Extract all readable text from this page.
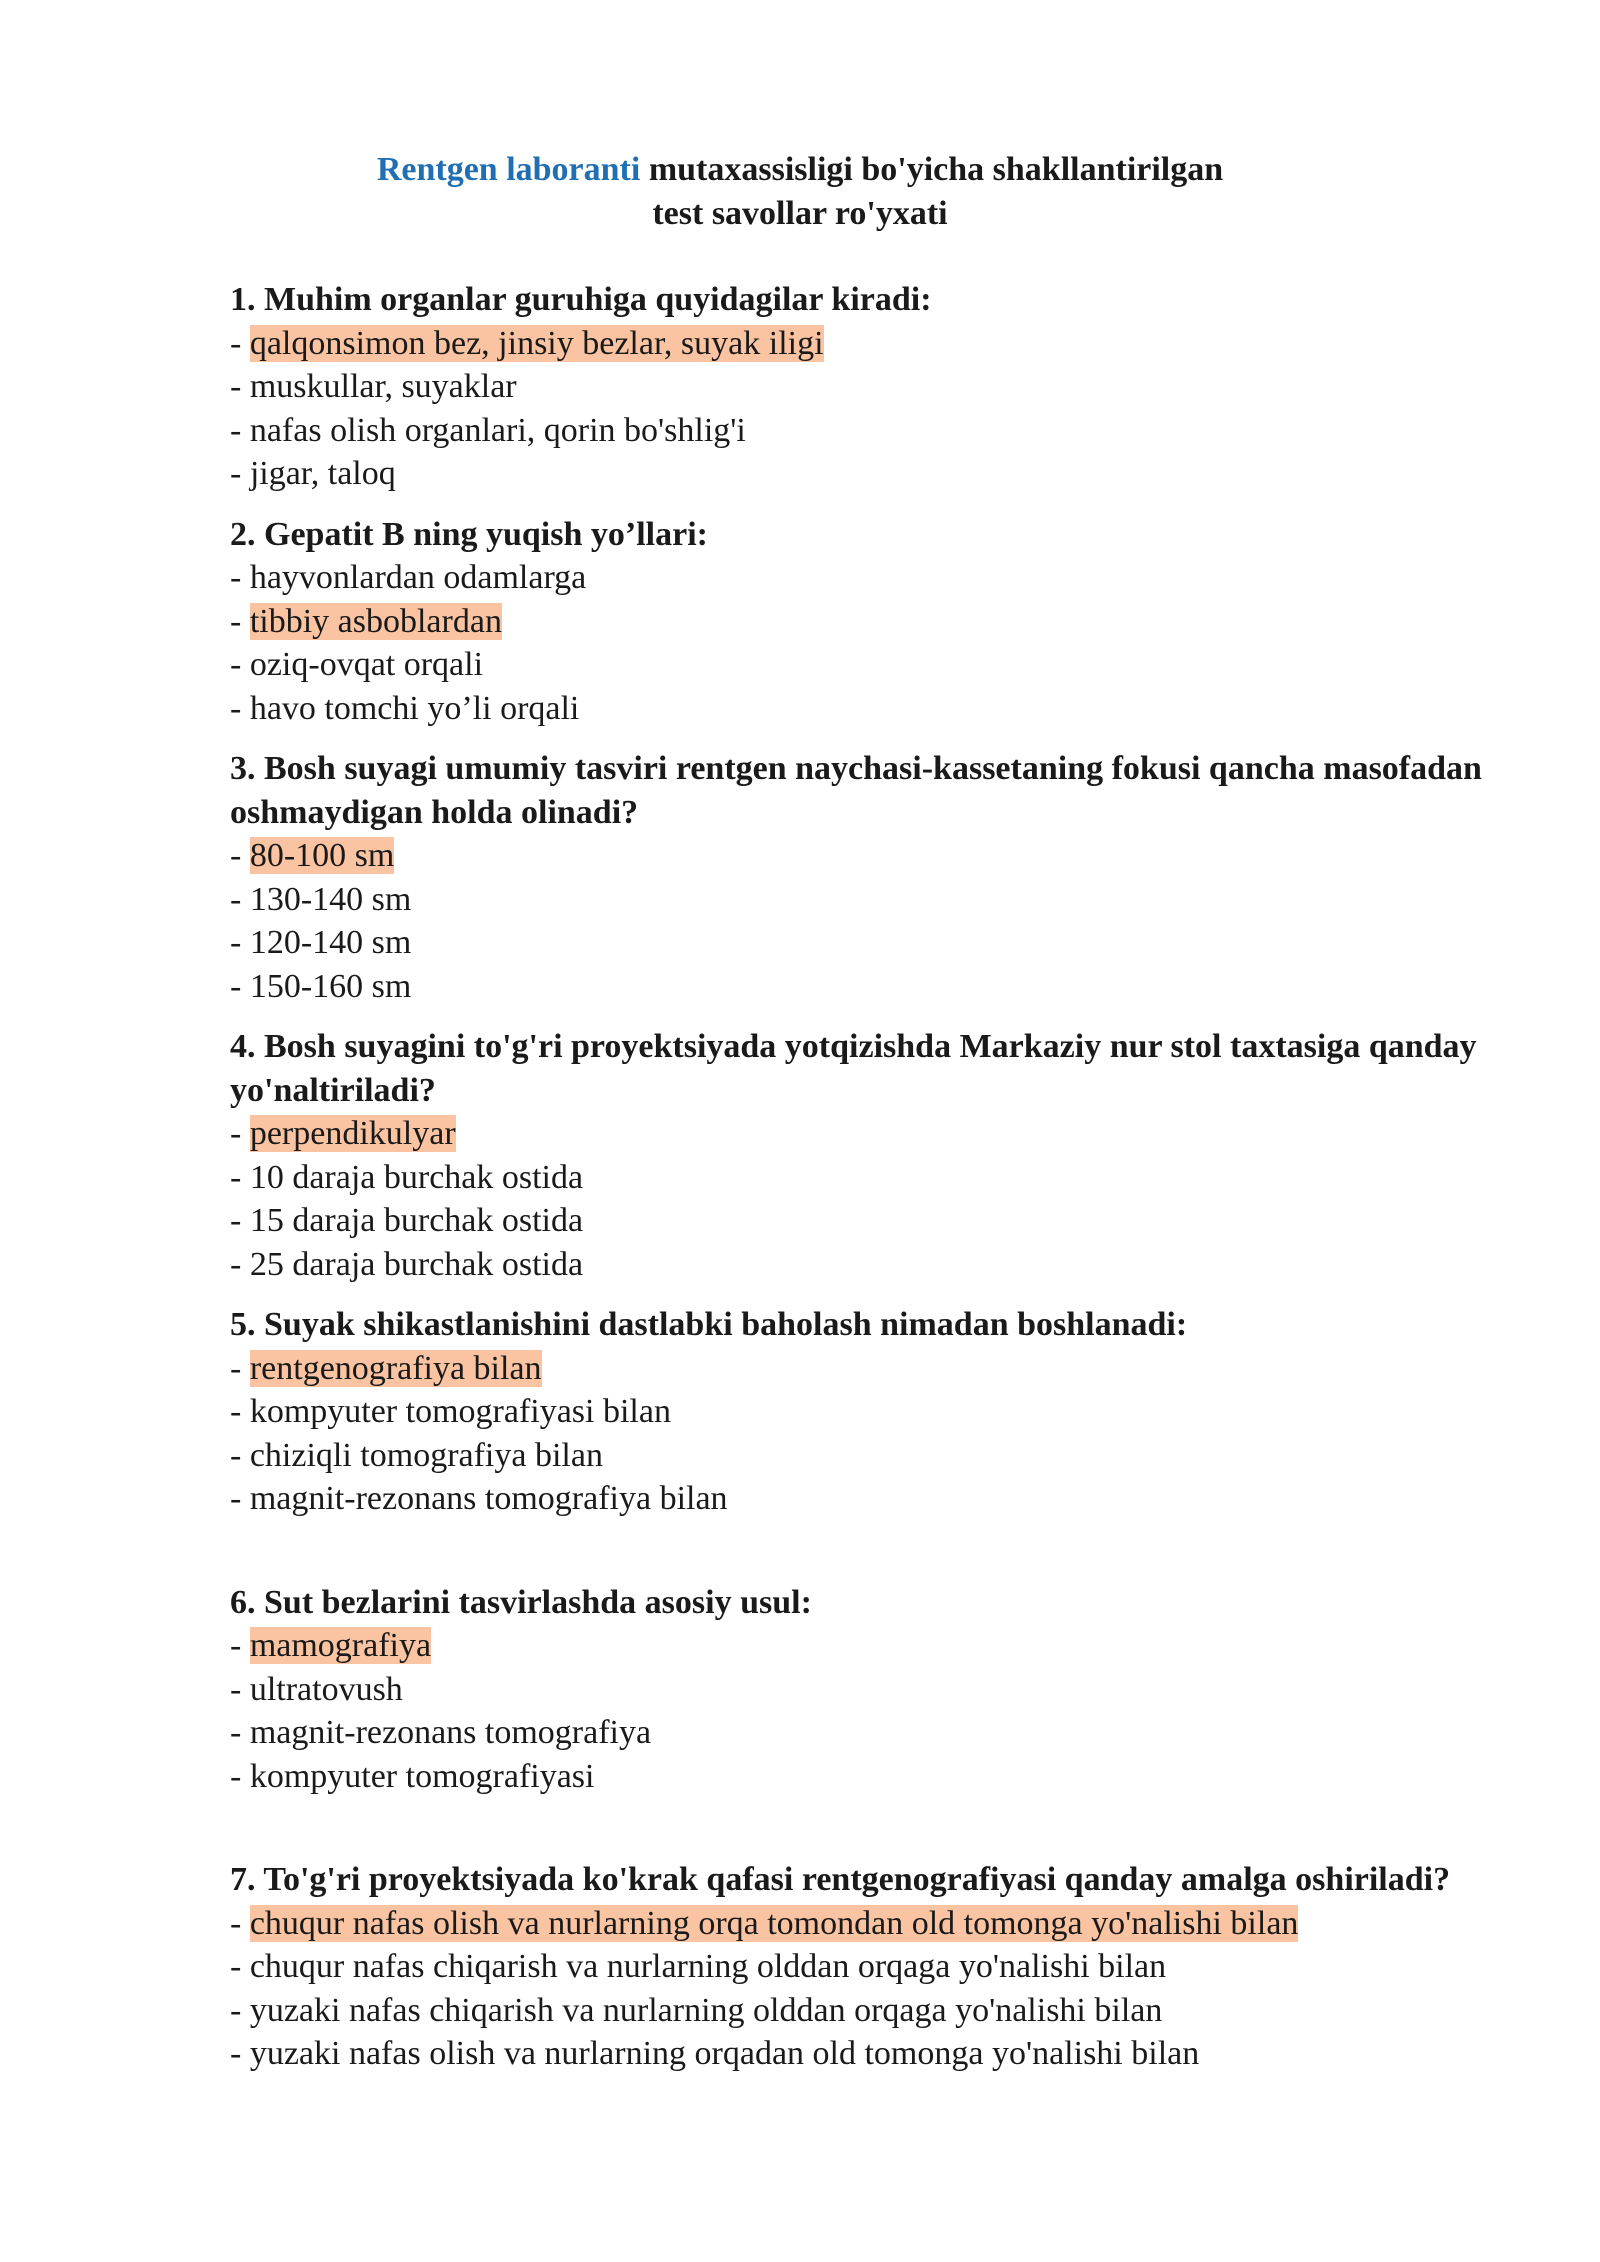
Rentgen laboranti mutaxassisligi bo'yicha shakllantirilgan
test savollar ro'yxati
1. Muhim organlar guruhiga quyidagilar kiradi:
- qalqonsimon bez, jinsiy bezlar, suyak iligi
- muskullar, suyaklar
- nafas olish organlari, qorin bo'shlig'i
- jigar, taloq
2. Gepatit B ning yuqish yo’llari:
- hayvonlardan odamlarga
- tibbiy asboblardan
- oziq-ovqat orqali
- havo tomchi yo’li orqali
3. Bosh suyagi umumiy tasviri rentgen naychasi-kassetaning fokusi qancha masofadan oshmaydigan holda olinadi?
- 80-100 sm
- 130-140 sm
- 120-140 sm
- 150-160 sm
4. Bosh suyagini to'g'ri proyektsiyada yotqizishda Markaziy nur stol taxtasiga qanday yo'naltiriladi?
- perpendikulyar
- 10 daraja burchak ostida
- 15 daraja burchak ostida
- 25 daraja burchak ostida
5. Suyak shikastlanishini dastlabki baholash nimadan boshlanadi:
- rentgenografiya bilan
- kompyuter tomografiyasi bilan
- chiziqli tomografiya bilan
- magnit-rezonans tomografiya bilan
6. Sut bezlarini tasvirlashda asosiy usul:
- mamografiya
- ultratovush
- magnit-rezonans tomografiya
- kompyuter tomografiyasi
7. To'g'ri proyektsiyada ko'krak qafasi rentgenografiyasi qanday amalga oshiriladi?
- chuqur nafas olish va nurlarning orqa tomondan old tomonga yo'nalishi bilan
- chuqur nafas chiqarish va nurlarning olddan orqaga yo'nalishi bilan
- yuzaki nafas chiqarish va nurlarning olddan orqaga yo'nalishi bilan
- yuzaki nafas olish va nurlarning orqadan old tomonga yo'nalishi bilan
